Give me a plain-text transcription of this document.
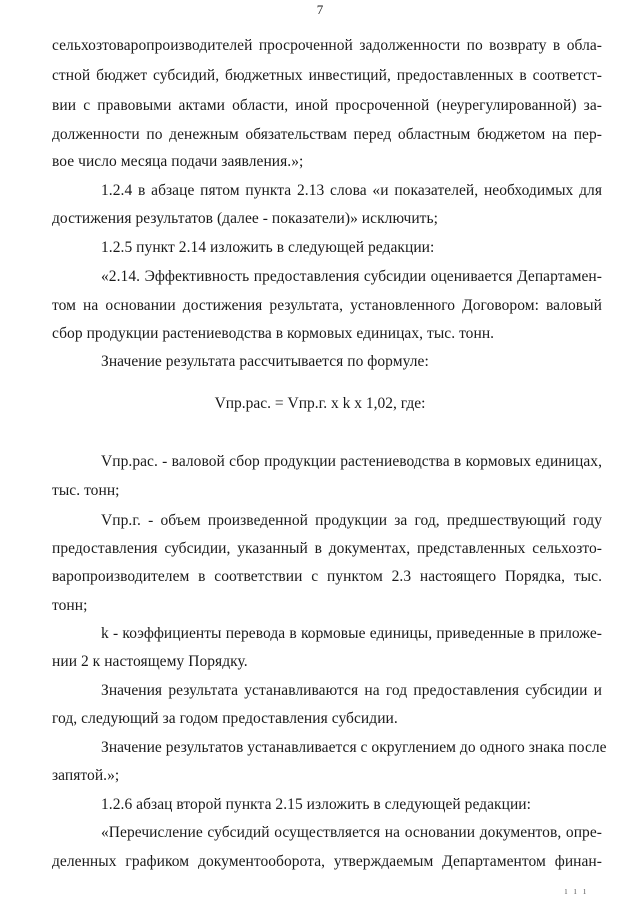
7
сельхозтоваропроизводителей просроченной задолженности по возврату в обла-
стной бюджет субсидий, бюджетных инвестиций, предоставленных в соответст-
вии с правовыми актами области, иной просроченной (неурегулированной) за-
долженности по денежным обязательствам перед областным бюджетом на пер-
вое число месяца подачи заявления.»;
1.2.4 в абзаце пятом пункта 2.13 слова «и показателей, необходимых для
достижения результатов (далее - показатели)» исключить;
1.2.5 пункт 2.14 изложить в следующей редакции:
«2.14. Эффективность предоставления субсидии оценивается Департамен-
том на основании достижения результата, установленного Договором: валовый
сбор продукции растениеводства в кормовых единицах, тыс. тонн.
Значение результата рассчитывается по формуле:
Vпр.рас. - валовой сбор продукции растениеводства в кормовых единицах,
тыс. тонн;
Vпр.г. - объем произведенной продукции за год, предшествующий году
предоставления субсидии, указанный в документах, представленных сельхозто-
варопроизводителем в соответствии с пунктом 2.3 настоящего Порядка, тыс.
тонн;
k - коэффициенты перевода в кормовые единицы, приведенные в приложе-
нии 2 к настоящему Порядку.
Значения результата устанавливаются на год предоставления субсидии и
год, следующий за годом предоставления субсидии.
Значение результатов устанавливается с округлением до одного знака после
запятой.»;
1.2.6 абзац второй пункта 2.15 изложить в следующей редакции:
«Перечисление субсидий осуществляется на основании документов, опре-
деленных графиком документооборота, утверждаемым Департаментом финан-
Vпр.рас. = Vпр.г. х k х 1,02, где:
ı ı ı
